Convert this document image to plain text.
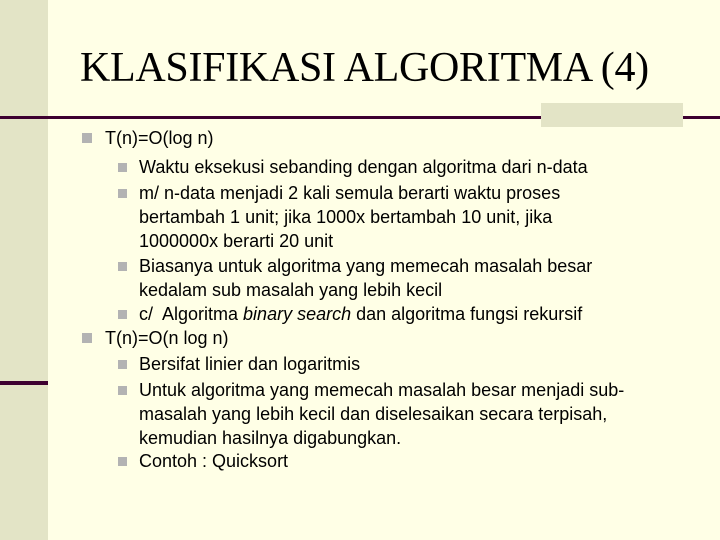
KLASIFIKASI ALGORITMA (4)
T(n)=O(log n)
Waktu eksekusi sebanding dengan algoritma dari n-data
m/ n-data menjadi 2 kali semula berarti waktu proses
bertambah 1 unit; jika 1000x bertambah 10 unit, jika
1000000x berarti 20 unit
Biasanya untuk algoritma yang memecah masalah besar
kedalam sub masalah yang lebih kecil
c/  Algoritma binary search dan algoritma fungsi rekursif
T(n)=O(n log n)
Bersifat linier dan logaritmis
Untuk algoritma yang memecah masalah besar menjadi sub-
masalah yang lebih kecil dan diselesaikan secara terpisah,
kemudian hasilnya digabungkan.
Contoh : Quicksort
